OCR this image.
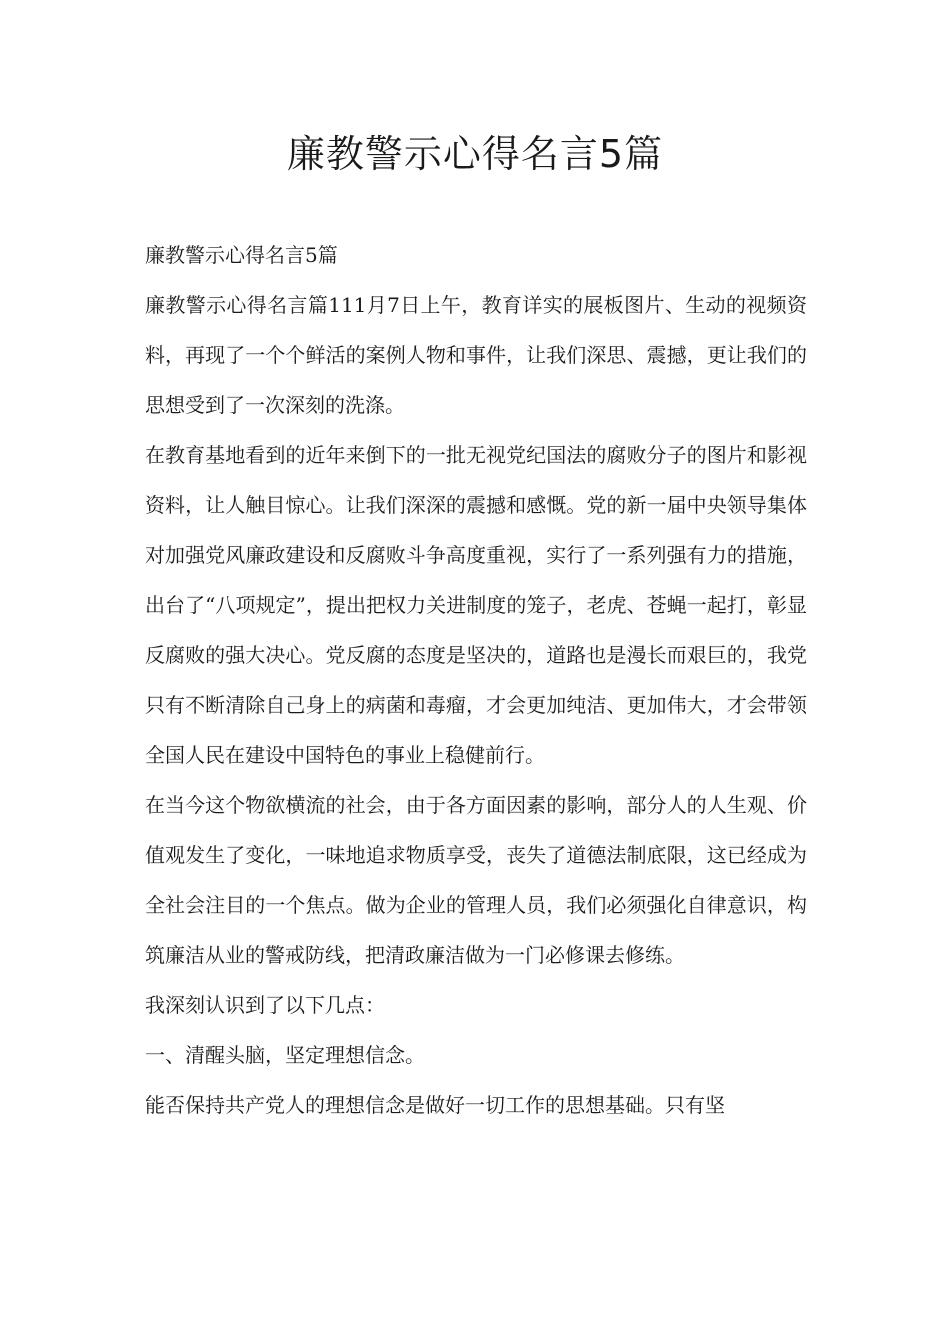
廉教警示心得名言5篇

廉教警示心得名言5篇

廉教警示心得名言篇111月7日上午，教育详实的展板图片、生动的视频资料，再现了一个个鲜活的案例人物和事件，让我们深思、震撼，更让我们的思想受到了一次深刻的洗涤。

在教育基地看到的近年来倒下的一批无视党纪国法的腐败分子的图片和影视资料，让人触目惊心。让我们深深的震撼和感慨。党的新一届中央领导集体对加强党风廉政建设和反腐败斗争高度重视，实行了一系列强有力的措施，出台了“八项规定”，提出把权力关进制度的笼子，老虎、苍蝇一起打，彰显反腐败的强大决心。党反腐的态度是坚决的，道路也是漫长而艰巨的，我党只有不断清除自己身上的病菌和毒瘤，才会更加纯洁、更加伟大，才会带领全国人民在建设中国特色的事业上稳健前行。

在当今这个物欲横流的社会，由于各方面因素的影响，部分人的人生观、价值观发生了变化，一味地追求物质享受，丧失了道德法制底限，这已经成为全社会注目的一个焦点。做为企业的管理人员，我们必须强化自律意识，构筑廉洁从业的警戒防线，把清政廉洁做为一门必修课去修练。

我深刻认识到了以下几点：

一、清醒头脑，坚定理想信念。

能否保持共产党人的理想信念是做好一切工作的思想基础。只有坚
